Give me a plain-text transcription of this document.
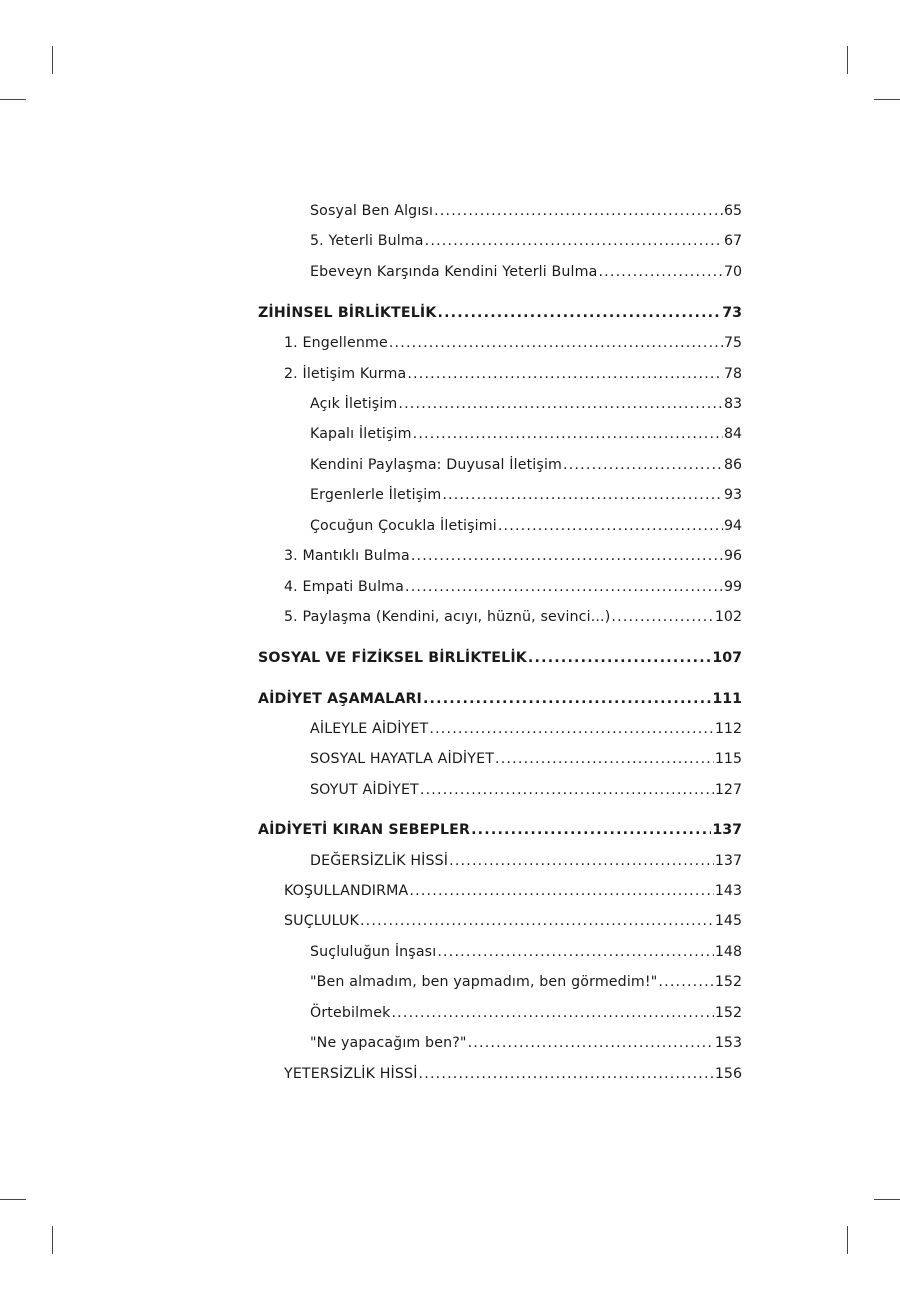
Sosyal Ben Algısı .....	65
5. Yeterli Bulma .....	67
Ebeveyn Karşında Kendini Yeterli Bulma .....	70
ZİHİNSEL BİRLİKTELİK .....	73
1. Engellenme .....	75
2. İletişim Kurma .....	78
Açık İletişim .....	83
Kapalı İletişim .....	84
Kendini Paylaşma: Duyusal İletişim .....	86
Ergenlerle İletişim .....	93
Çocuğun Çocukla İletişimi .....	94
3. Mantıklı Bulma .....	96
4. Empati Bulma .....	99
5. Paylaşma (Kendini, acıyı, hüznü, sevinci...) .....	102
SOSYAL VE FİZİKSEL BİRLİKTELİK .....	107
AİDİYET AŞAMALARI .....	111
AİLEYLE AİDİYET .....	112
SOSYAL HAYATLA AİDİYET .....	115
SOYUT AİDİYET .....	127
AİDİYETİ KIRAN SEBEPLER .....	137
DEĞERSİZLİK HİSSİ .....	137
KOŞULLANDIRMA .....	143
SUÇLULUK .....	145
Suçluluğun İnşası .....	148
"Ben almadım, ben yapmadım, ben görmedim!" .....	152
Örtebilmek .....	152
"Ne yapacağım ben?" .....	153
YETERSİZLİK HİSSİ .....	156
